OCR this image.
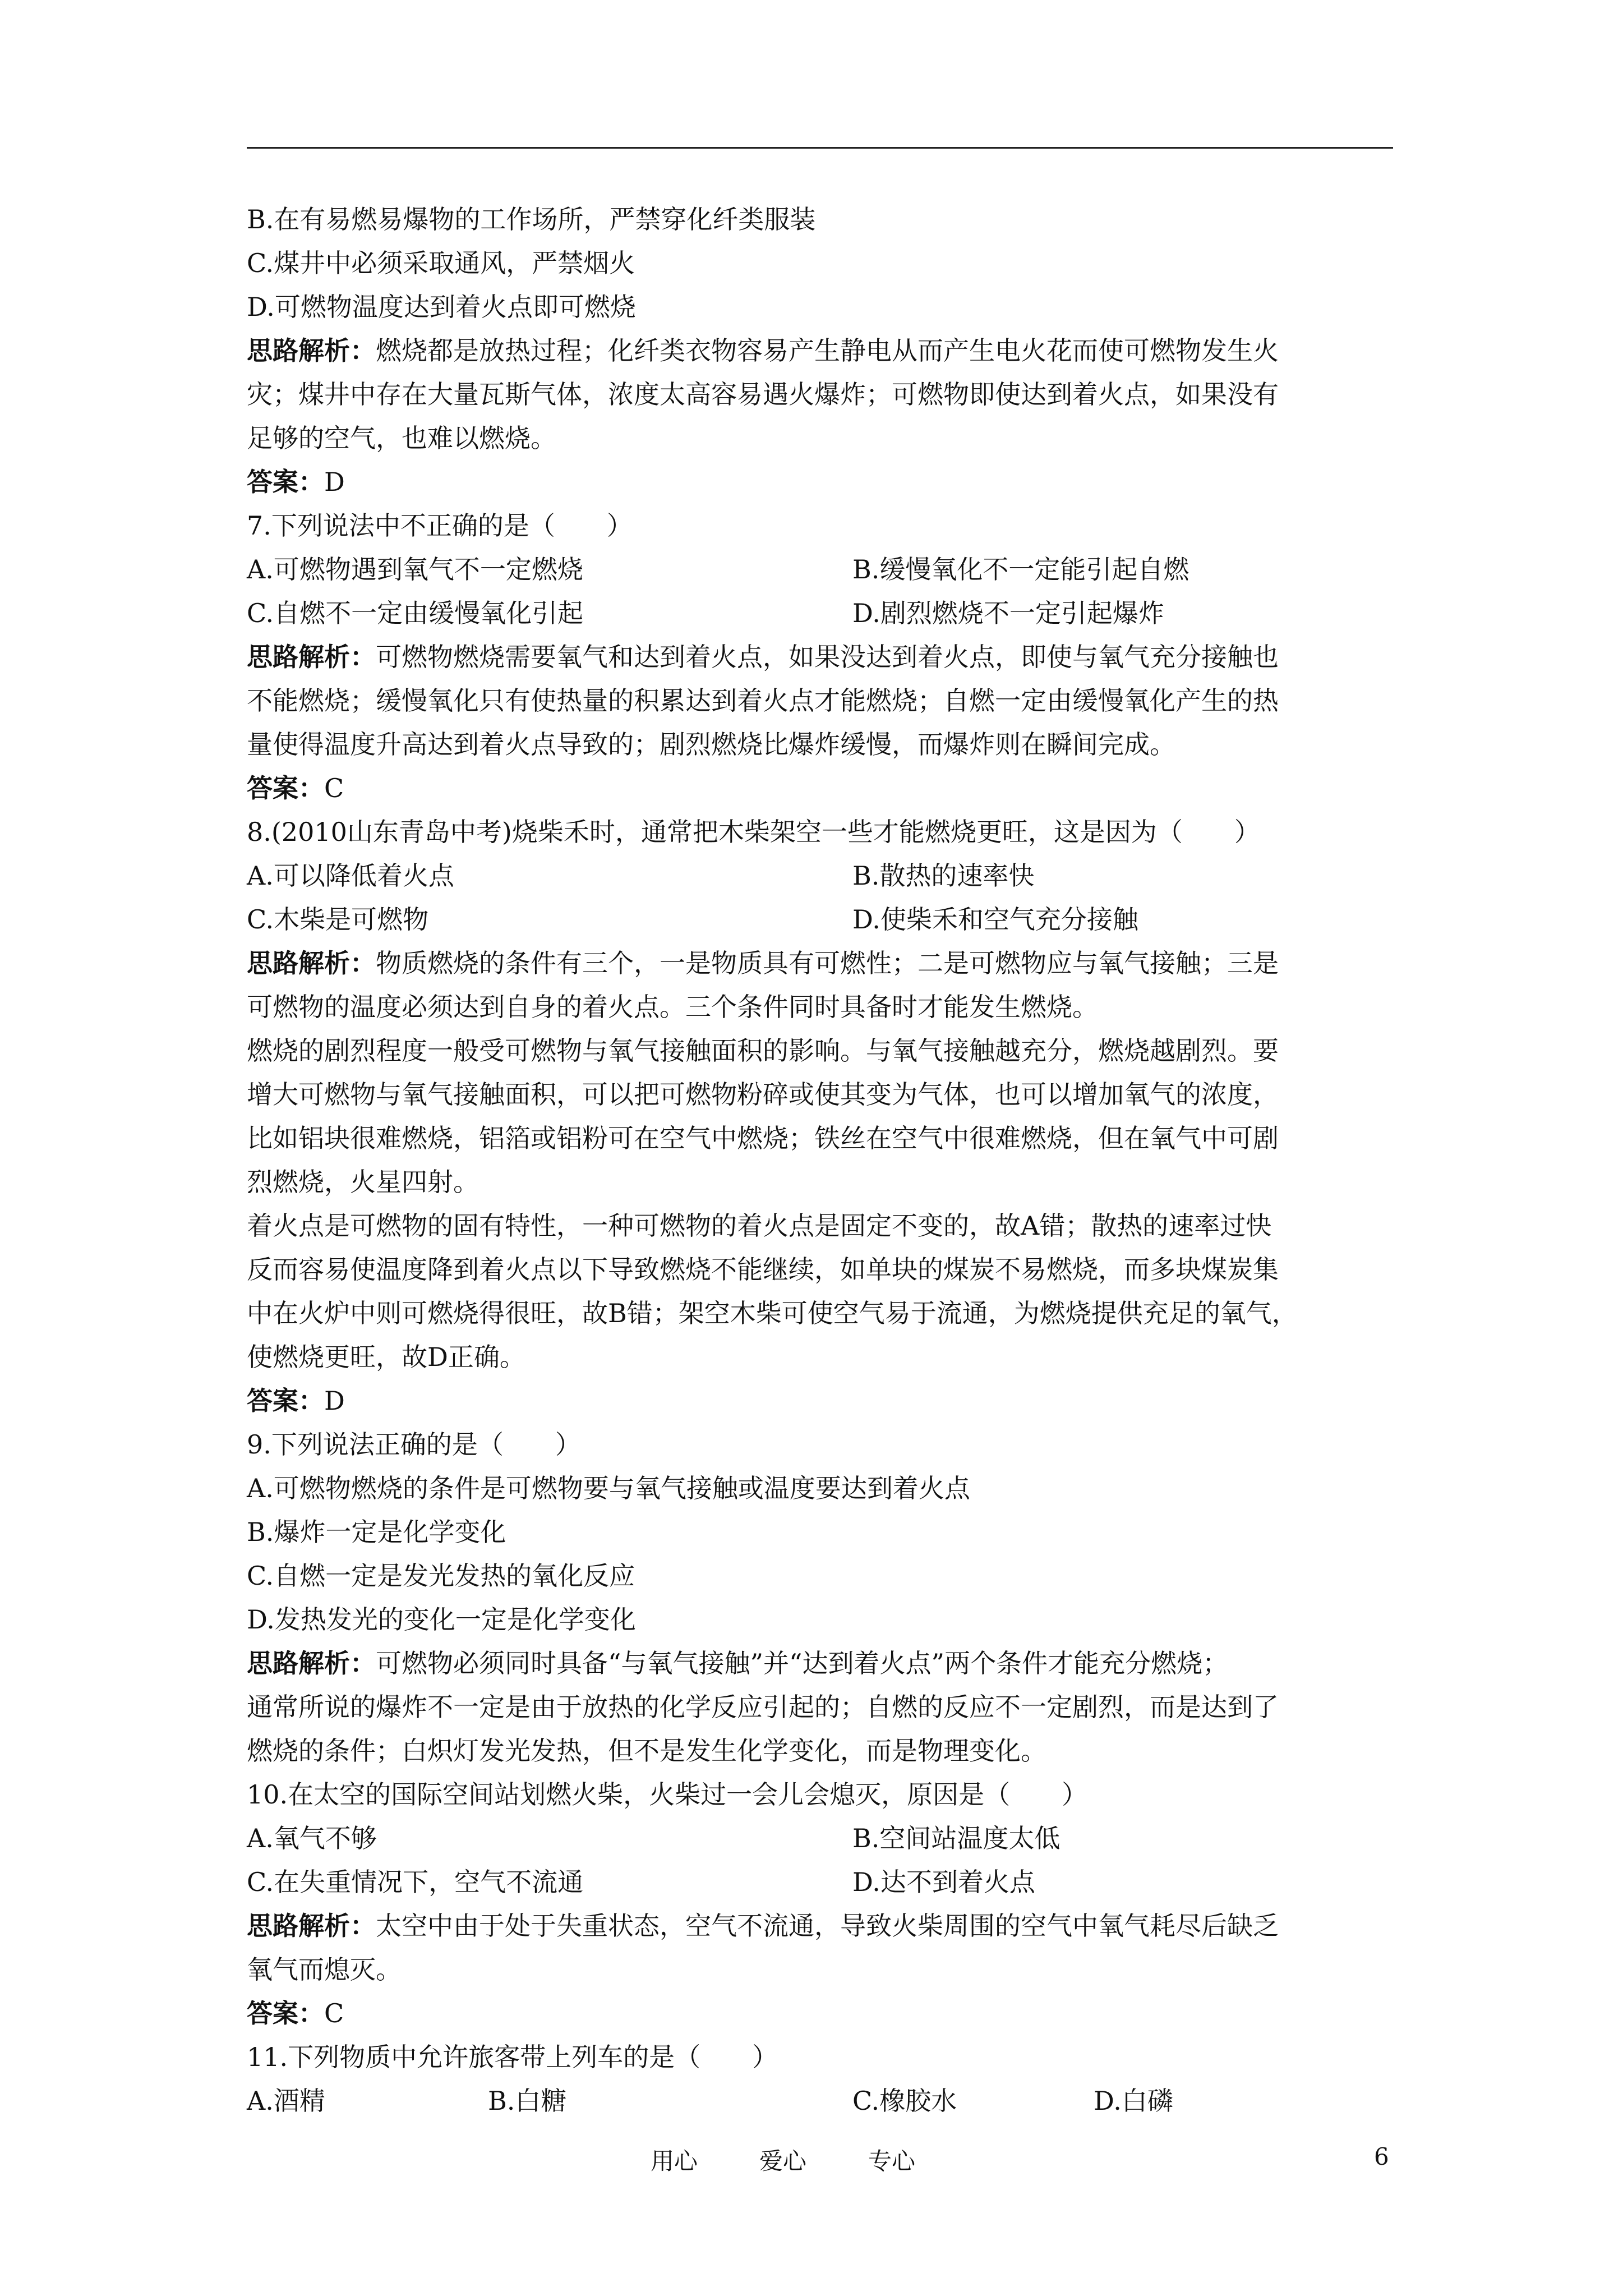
B.在有易燃易爆物的工作场所，严禁穿化纤类服装
C.煤井中必须采取通风，严禁烟火
D.可燃物温度达到着火点即可燃烧
思路解析：燃烧都是放热过程；化纤类衣物容易产生静电从而产生电火花而使可燃物发生火
灾；煤井中存在大量瓦斯气体，浓度太高容易遇火爆炸；可燃物即使达到着火点，如果没有
足够的空气，也难以燃烧。
答案：D
7.下列说法中不正确的是（　　）
A.可燃物遇到氧气不一定燃烧	B.缓慢氧化不一定能引起自燃
C.自燃不一定由缓慢氧化引起	D.剧烈燃烧不一定引起爆炸
思路解析：可燃物燃烧需要氧气和达到着火点，如果没达到着火点，即使与氧气充分接触也
不能燃烧；缓慢氧化只有使热量的积累达到着火点才能燃烧；自燃一定由缓慢氧化产生的热
量使得温度升高达到着火点导致的；剧烈燃烧比爆炸缓慢，而爆炸则在瞬间完成。
答案：C
8.(2010山东青岛中考)烧柴禾时，通常把木柴架空一些才能燃烧更旺，这是因为（　　）
A.可以降低着火点	B.散热的速率快
C.木柴是可燃物	D.使柴禾和空气充分接触
思路解析：物质燃烧的条件有三个，一是物质具有可燃性；二是可燃物应与氧气接触；三是
可燃物的温度必须达到自身的着火点。三个条件同时具备时才能发生燃烧。
燃烧的剧烈程度一般受可燃物与氧气接触面积的影响。与氧气接触越充分，燃烧越剧烈。要
增大可燃物与氧气接触面积，可以把可燃物粉碎或使其变为气体，也可以增加氧气的浓度，
比如铝块很难燃烧，铝箔或铝粉可在空气中燃烧；铁丝在空气中很难燃烧，但在氧气中可剧
烈燃烧，火星四射。
着火点是可燃物的固有特性，一种可燃物的着火点是固定不变的，故A错；散热的速率过快
反而容易使温度降到着火点以下导致燃烧不能继续，如单块的煤炭不易燃烧，而多块煤炭集
中在火炉中则可燃烧得很旺，故B错；架空木柴可使空气易于流通，为燃烧提供充足的氧气，
使燃烧更旺，故D正确。
答案：D
9.下列说法正确的是（　　）
A.可燃物燃烧的条件是可燃物要与氧气接触或温度要达到着火点
B.爆炸一定是化学变化
C.自燃一定是发光发热的氧化反应
D.发热发光的变化一定是化学变化
思路解析：可燃物必须同时具备“与氧气接触”并“达到着火点”两个条件才能充分燃烧；
通常所说的爆炸不一定是由于放热的化学反应引起的；自燃的反应不一定剧烈，而是达到了
燃烧的条件；白炽灯发光发热，但不是发生化学变化，而是物理变化。
10.在太空的国际空间站划燃火柴，火柴过一会儿会熄灭，原因是（　　）
A.氧气不够	B.空间站温度太低
C.在失重情况下，空气不流通	D.达不到着火点
思路解析：太空中由于处于失重状态，空气不流通，导致火柴周围的空气中氧气耗尽后缺乏
氧气而熄灭。
答案：C
11.下列物质中允许旅客带上列车的是（　　）
A.酒精	B.白糖	C.橡胶水	D.白磷
用心	爱心	专心	6
